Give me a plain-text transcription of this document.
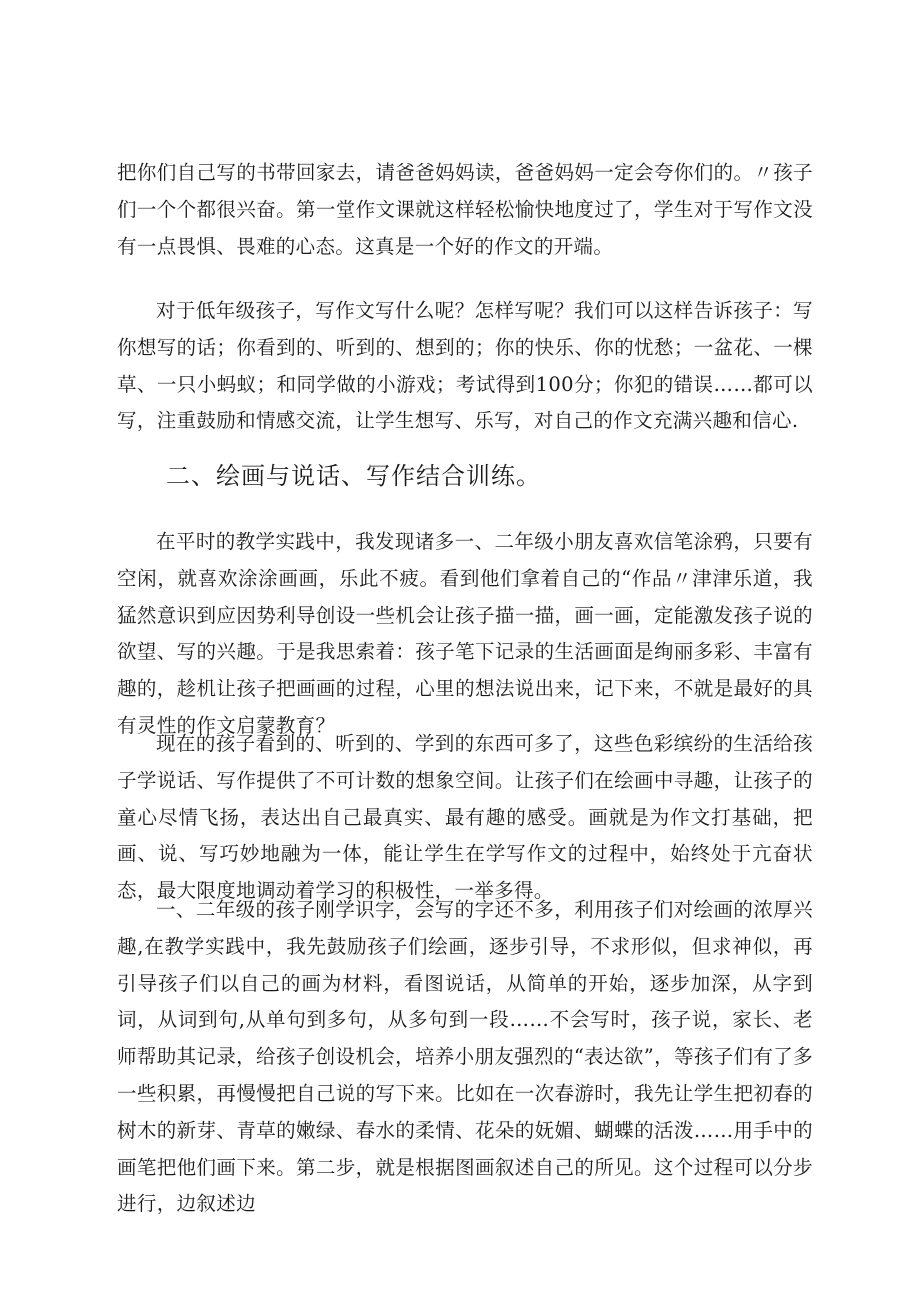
把你们自己写的书带回家去，请爸爸妈妈读，爸爸妈妈一定会夸你们的。〃孩子们一个个都很兴奋。第一堂作文课就这样轻松愉快地度过了，学生对于写作文没有一点畏惧、畏难的心态。这真是一个好的作文的开端。

对于低年级孩子，写作文写什么呢？怎样写呢？我们可以这样告诉孩子：写你想写的话；你看到的、听到的、想到的；你的快乐、你的忧愁；一盆花、一棵草、一只小蚂蚁；和同学做的小游戏；考试得到100分；你犯的错误……都可以写，注重鼓励和情感交流，让学生想写、乐写，对自己的作文充满兴趣和信心.

二、绘画与说话、写作结合训练。

在平时的教学实践中，我发现诸多一、二年级小朋友喜欢信笔涂鸦，只要有空闲，就喜欢涂涂画画，乐此不疲。看到他们拿着自己的“作品〃津津乐道，我猛然意识到应因势利导创设一些机会让孩子描一描，画一画，定能激发孩子说的欲望、写的兴趣。于是我思索着：孩子笔下记录的生活画面是绚丽多彩、丰富有趣的，趁机让孩子把画画的过程，心里的想法说出来，记下来，不就是最好的具有灵性的作文启蒙教育？

现在的孩子看到的、听到的、学到的东西可多了，这些色彩缤纷的生活给孩子学说话、写作提供了不可计数的想象空间。让孩子们在绘画中寻趣，让孩子的童心尽情飞扬，表达出自己最真实、最有趣的感受。画就是为作文打基础，把画、说、写巧妙地融为一体，能让学生在学写作文的过程中，始终处于亢奋状态，最大限度地调动着学习的积极性，一举多得。

一、二年级的孩子刚学识字，会写的字还不多，利用孩子们对绘画的浓厚兴趣,在教学实践中，我先鼓励孩子们绘画，逐步引导，不求形似，但求神似，再引导孩子们以自己的画为材料，看图说话，从简单的开始，逐步加深，从字到词，从词到句,从单句到多句，从多句到一段……不会写时，孩子说，家长、老师帮助其记录，给孩子创设机会，培养小朋友强烈的“表达欲”，等孩子们有了多一些积累，再慢慢把自己说的写下来。比如在一次春游时，我先让学生把初春的树木的新芽、青草的嫩绿、春水的柔情、花朵的妩媚、蝴蝶的活泼……用手中的画笔把他们画下来。第二步，就是根据图画叙述自己的所见。这个过程可以分步进行，边叙述边
